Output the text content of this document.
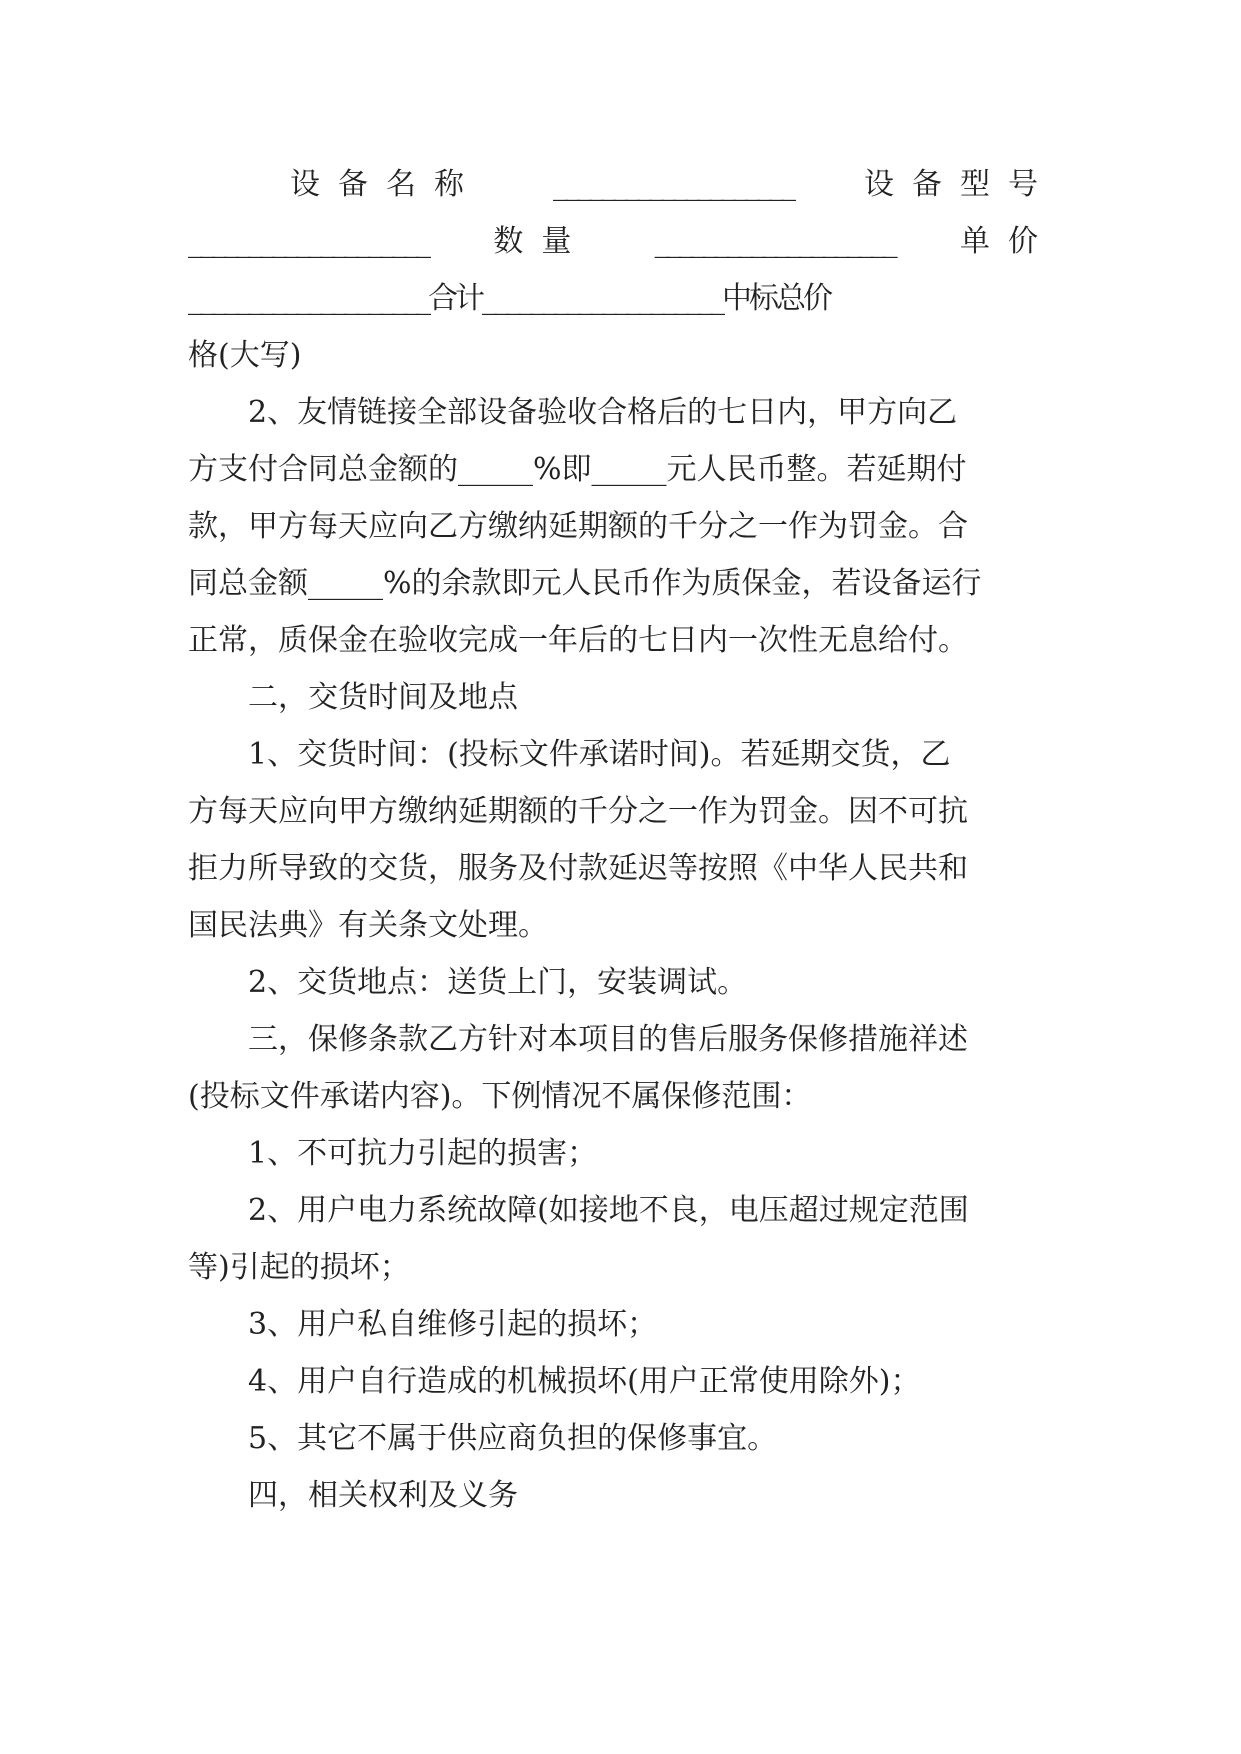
设备名称 ____________________ 设备型号
____________________ 数量 ____________________ 单价
____________________合计____________________中标总价
格(大写)
2、友情链接全部设备验收合格后的七日内，甲方向乙
方支付合同总金额的_____%即_____元人民币整。若延期付
款，甲方每天应向乙方缴纳延期额的千分之一作为罚金。合
同总金额_____%的余款即元人民币作为质保金，若设备运行
正常，质保金在验收完成一年后的七日内一次性无息给付。
二，交货时间及地点
1、交货时间：(投标文件承诺时间)。若延期交货，乙
方每天应向甲方缴纳延期额的千分之一作为罚金。因不可抗
拒力所导致的交货，服务及付款延迟等按照《中华人民共和
国民法典》有关条文处理。
2、交货地点：送货上门，安装调试。
三，保修条款乙方针对本项目的售后服务保修措施祥述
(投标文件承诺内容)。下例情况不属保修范围：
1、不可抗力引起的损害；
2、用户电力系统故障(如接地不良，电压超过规定范围
等)引起的损坏；
3、用户私自维修引起的损坏；
4、用户自行造成的机械损坏(用户正常使用除外)；
5、其它不属于供应商负担的保修事宜。
四，相关权利及义务
